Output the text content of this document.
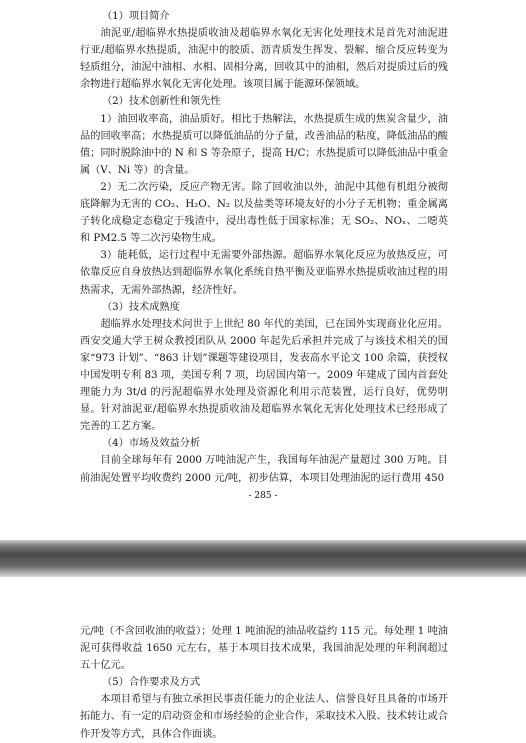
（1）项目简介

油泥亚/超临界水热提质收油及超临界水氧化无害化处理技术是首先对油泥进行亚/超临界水热提质，油泥中的胶质、沥青质发生挥发、裂解、缩合反应转变为轻质组分，油泥中油相、水相、固相分离，回收其中的油相，然后对提质过后的残余物进行超临界水氧化无害化处理。该项目属于能源环保领域。

（2）技术创新性和领先性

1）油回收率高，油品质好。相比于热解法，水热提质生成的焦炭含量少，油品的回收率高；水热提质可以降低油品的分子量，改善油品的粘度，降低油品的酸值；同时脱除油中的 N 和 S 等杂原子，提高 H/C；水热提质可以降低油品中重金属（V、Ni 等）的含量。

2）无二次污染，反应产物无害。除了回收油以外，油泥中其他有机组分被彻底降解为无害的 CO₂、H₂O、N₂ 以及盐类等环境友好的小分子无机物；重金属离子转化成稳定态稳定于残渣中，浸出毒性低于国家标准；无 SO₂、NOₓ、二噁英和 PM2.5 等二次污染物生成。

3）能耗低，运行过程中无需要外部热源。超临界水氧化反应为放热反应，可依靠反应自身放热达到超临界水氧化系统自热平衡及亚临界水热提质收油过程的用热需求，无需外部热源，经济性好。

（3）技术成熟度

超临界水处理技术问世于上世纪 80 年代的美国，已在国外实现商业化应用。西安交通大学王树众教授团队从 2000 年起先后承担并完成了与该技术相关的国家“973 计划”、“863 计划”课题等建设项目，发表高水平论文 100 余篇，获授权中国发明专利 83 项，美国专利 7 项，均居国内第一。2009 年建成了国内首套处理能力为 3t/d 的污泥超临界水处理及资源化利用示范装置，运行良好，优势明显。针对油泥亚/超临界水热提质收油及超临界水氧化无害化处理技术已经形成了完善的工艺方案。

（4）市场及效益分析

目前全球每年有 2000 万吨油泥产生，我国每年油泥产量超过 300 万吨。目前油泥处置平均收费约 2000 元/吨，初步估算，本项目处理油泥的运行费用 450

- 285 -

元/吨（不含回收油的收益）；处理 1 吨油泥的油品收益约 115 元。每处理 1 吨油泥可获得收益 1650 元左右，基于本项目技术成果，我国油泥处理的年利润超过五十亿元。

（5）合作要求及方式

本项目希望与有独立承担民事责任能力的企业法人、信誉良好且具备的市场开拓能力、有一定的启动资金和市场经验的企业合作，采取技术入股、技术转让或合作开发等方式，具体合作面谈。
